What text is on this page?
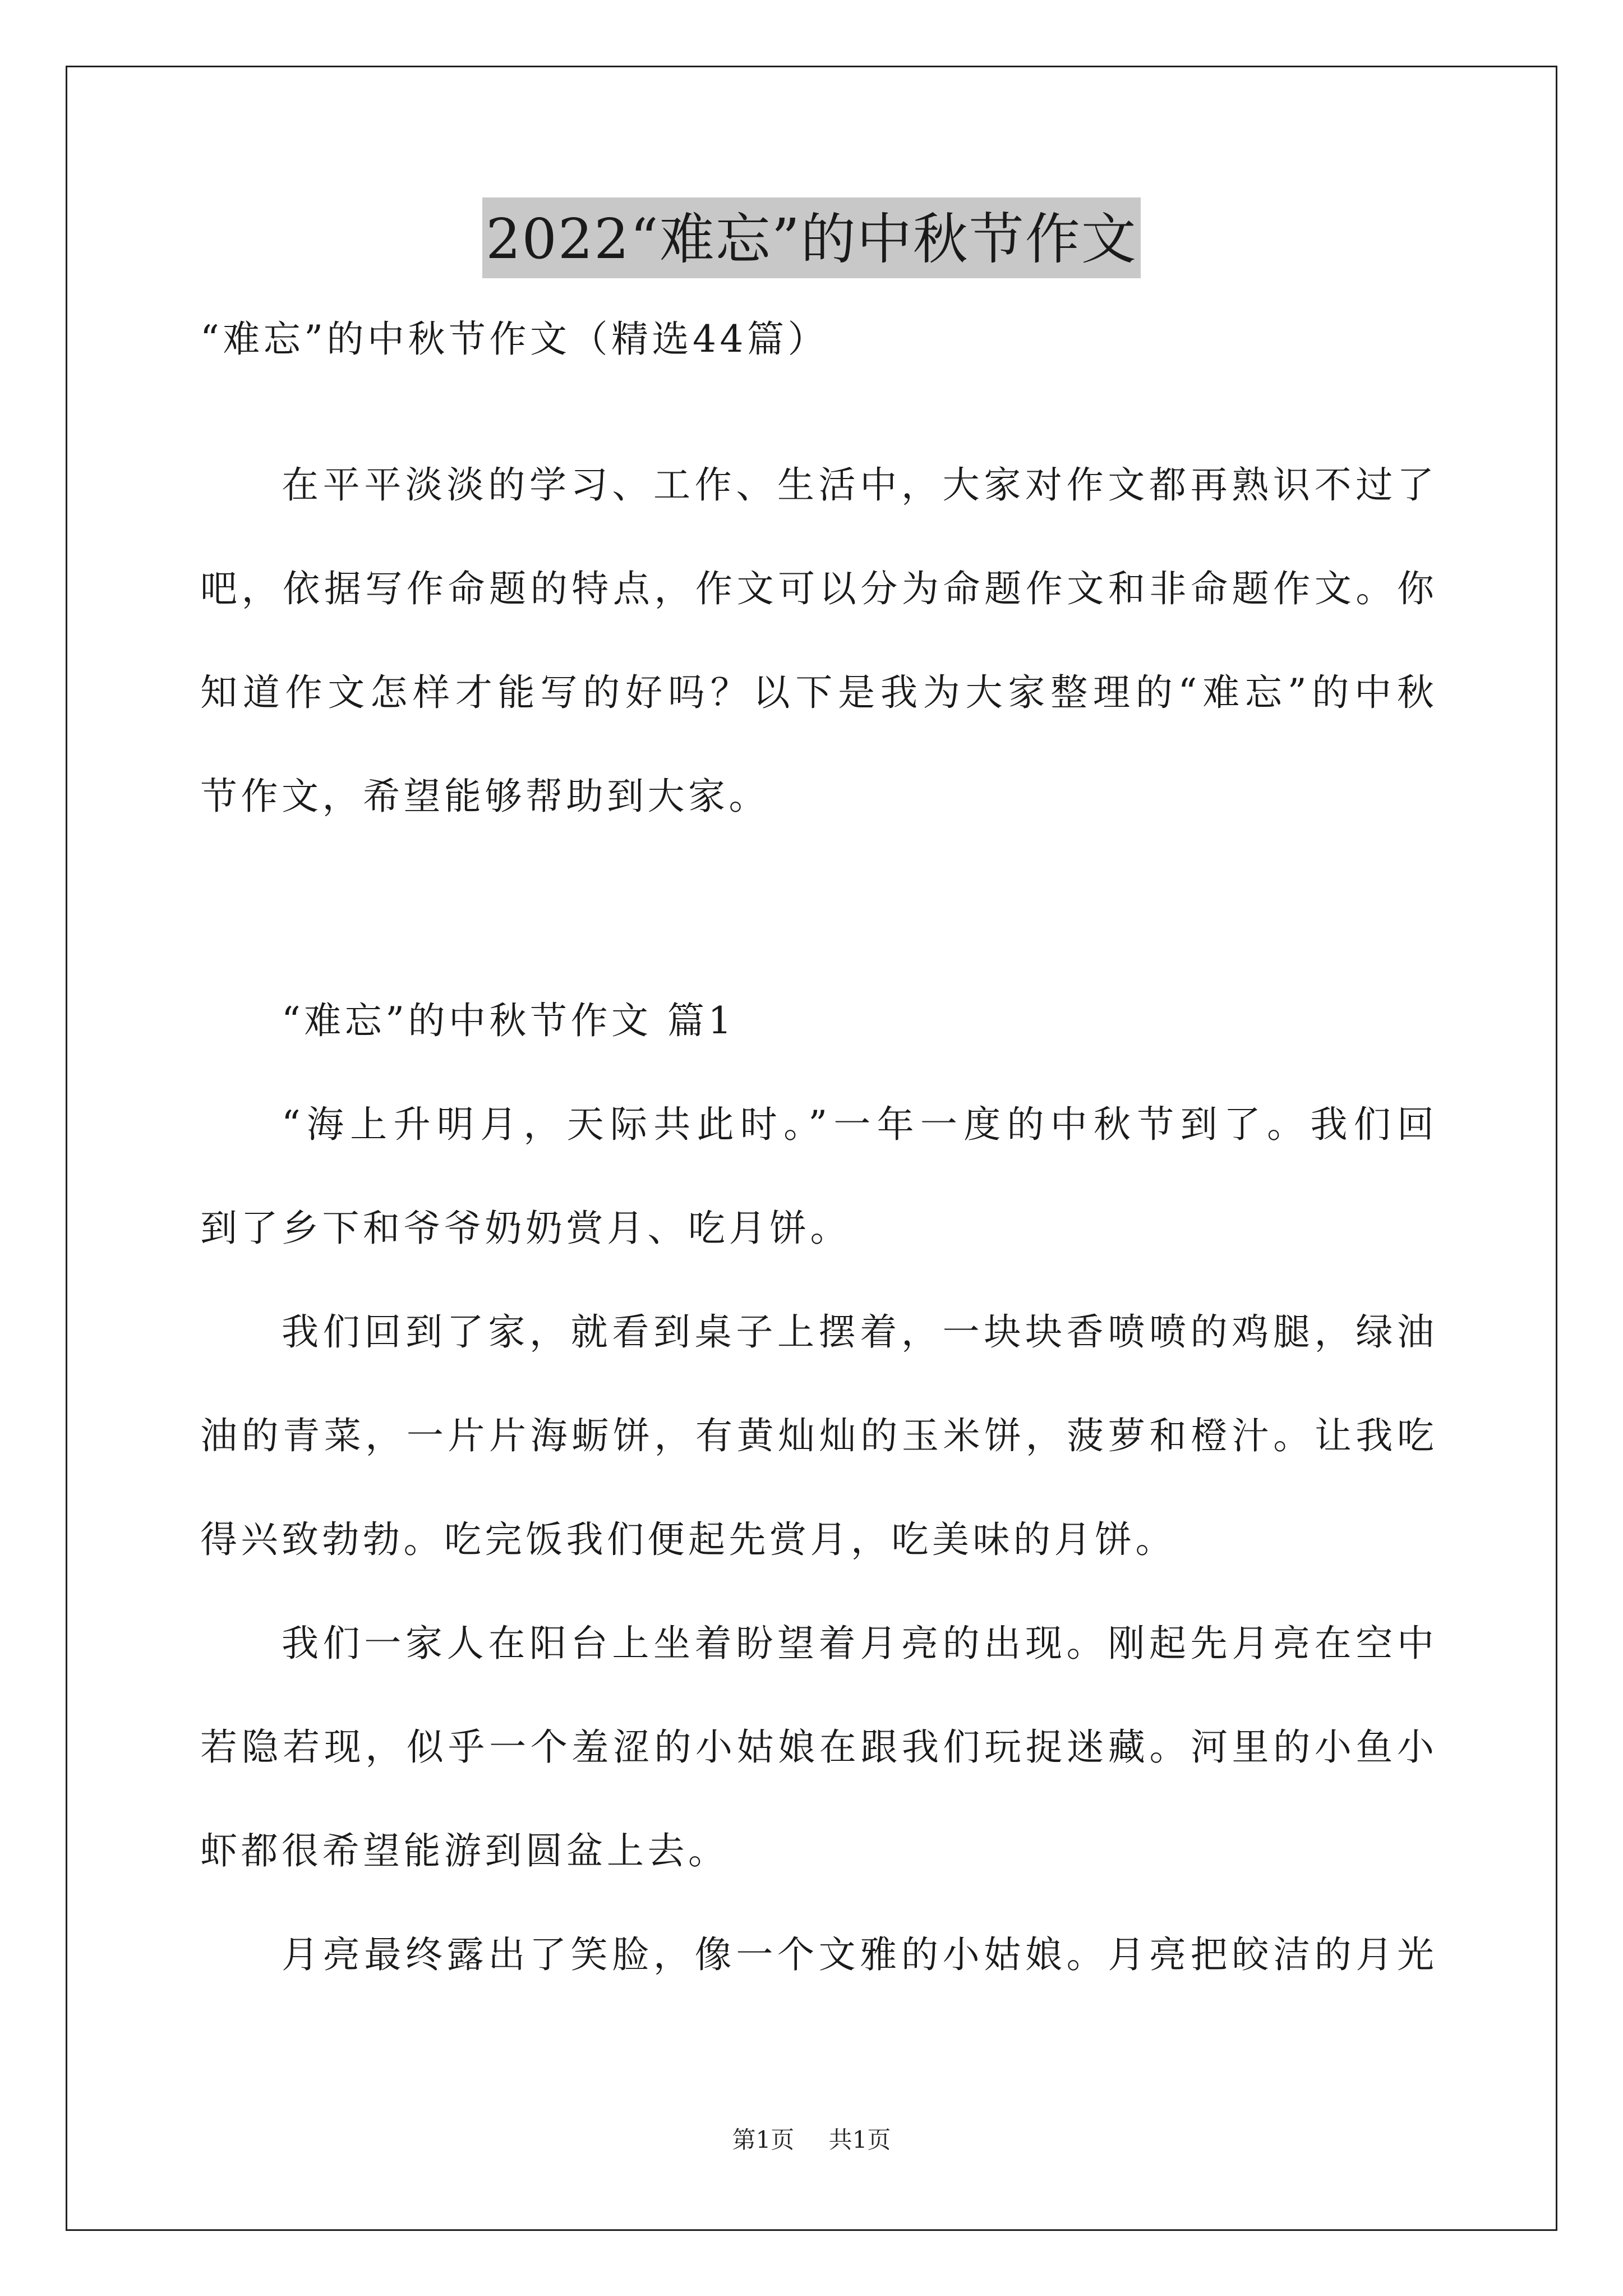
2022“难忘”的中秋节作文
“难忘”的中秋节作文（精选44篇）
在平平淡淡的学习、工作、生活中，大家对作文都再熟识不过了
吧，依据写作命题的特点，作文可以分为命题作文和非命题作文。你
知道作文怎样才能写的好吗？以下是我为大家整理的“难忘”的中秋
节作文，希望能够帮助到大家。
“难忘”的中秋节作文 篇1
“海上升明月，天际共此时。”一年一度的中秋节到了。我们回
到了乡下和爷爷奶奶赏月、吃月饼。
我们回到了家，就看到桌子上摆着，一块块香喷喷的鸡腿，绿油
油的青菜，一片片海蛎饼，有黄灿灿的玉米饼，菠萝和橙汁。让我吃
得兴致勃勃。吃完饭我们便起先赏月，吃美味的月饼。
我们一家人在阳台上坐着盼望着月亮的出现。刚起先月亮在空中
若隐若现，似乎一个羞涩的小姑娘在跟我们玩捉迷藏。河里的小鱼小
虾都很希望能游到圆盆上去。
月亮最终露出了笑脸，像一个文雅的小姑娘。月亮把皎洁的月光
第1页 共1页
